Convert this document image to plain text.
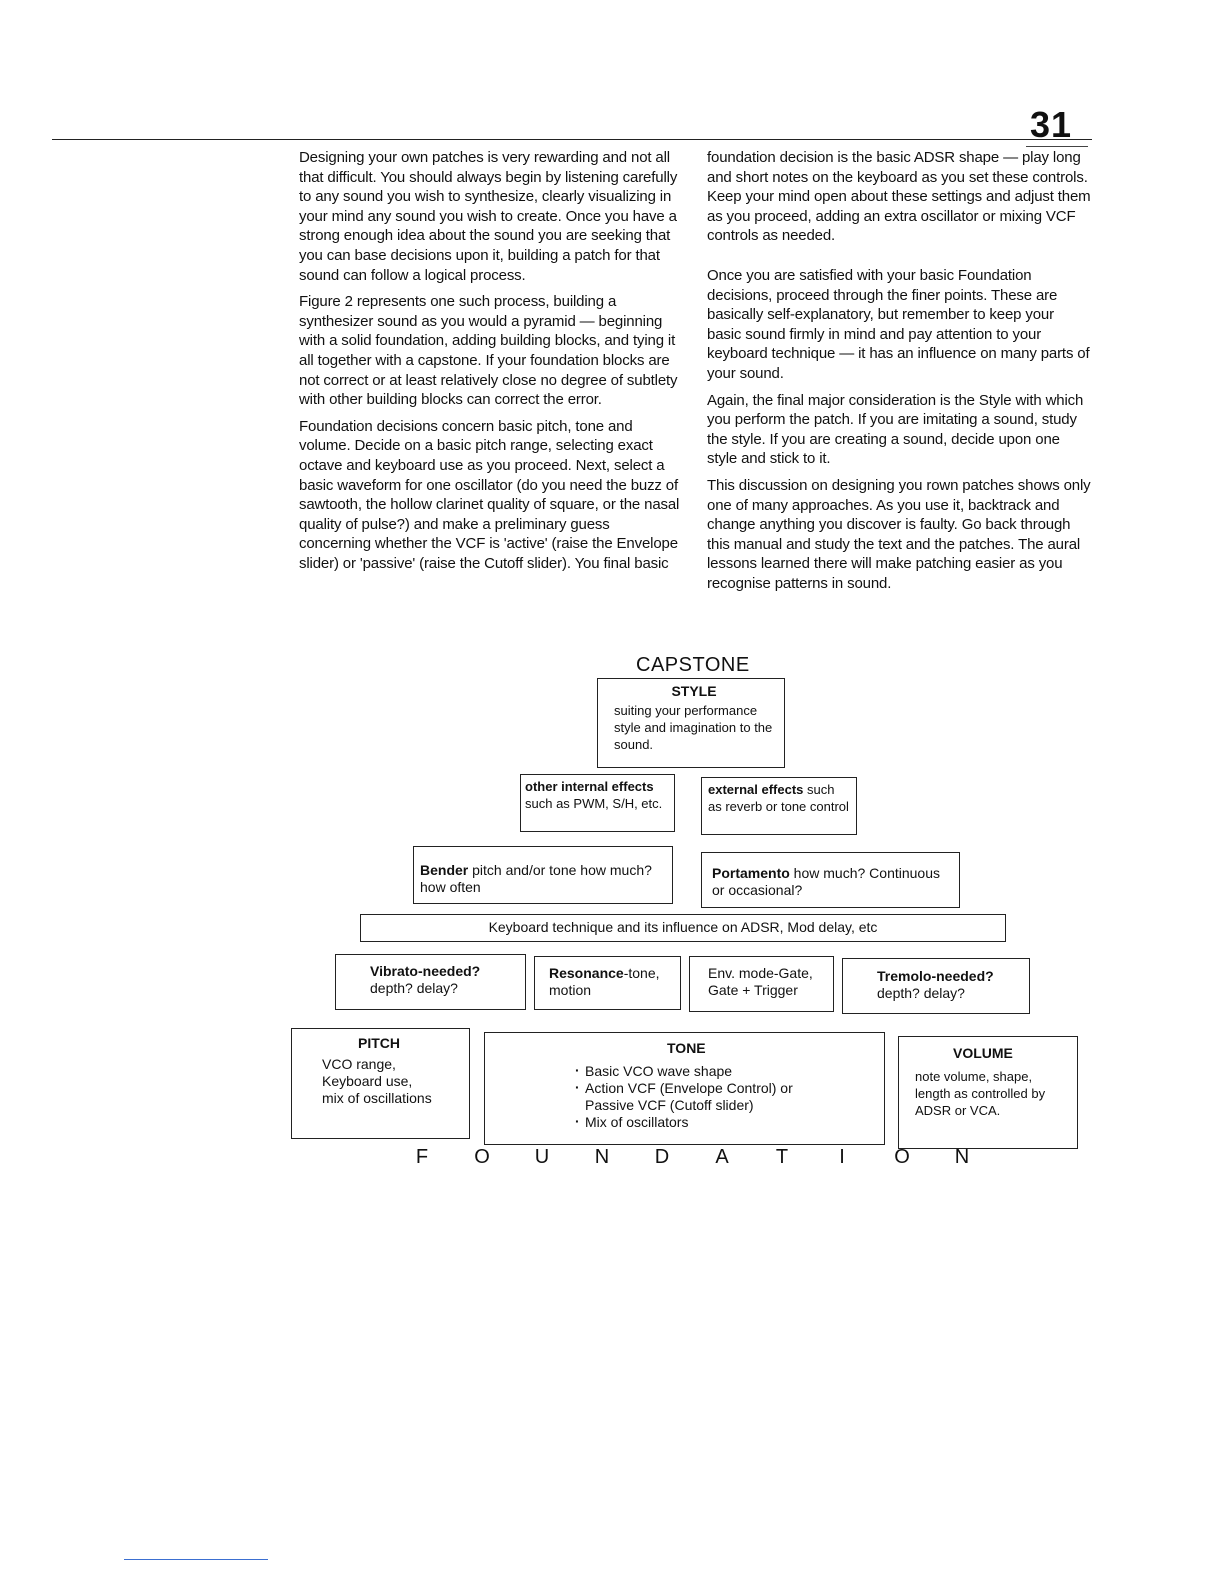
31

Designing your own patches is very rewarding and not all that difficult. You should always begin by listening carefully to any sound you wish to synthesize, clearly visualizing in your mind any sound you wish to create. Once you have a strong enough idea about the sound you are seeking that you can base decisions upon it, building a patch for that sound can follow a logical process.

Figure 2 represents one such process, building a synthesizer sound as you would a pyramid — beginning with a solid foundation, adding building blocks, and tying it all together with a capstone. If your foundation blocks are not correct or at least relatively close no degree of subtlety with other building blocks can correct the error.

Foundation decisions concern basic pitch, tone and volume. Decide on a basic pitch range, selecting exact octave and keyboard use as you proceed. Next, select a basic waveform for one oscillator (do you need the buzz of sawtooth, the hollow clarinet quality of square, or the nasal quality of pulse?) and make a preliminary guess concerning whether the VCF is 'active' (raise the Envelope slider) or 'passive' (raise the Cutoff slider). You final basic

foundation decision is the basic ADSR shape — play long and short notes on the keyboard as you set these controls. Keep your mind open about these settings and adjust them as you proceed, adding an extra oscillator or mixing VCF controls as needed.

Once you are satisfied with your basic Foundation decisions, proceed through the finer points. These are basically self-explanatory, but remember to keep your basic sound firmly in mind and pay attention to your keyboard technique — it has an influence on many parts of your sound.

Again, the final major consideration is the Style with which you perform the patch. If you are imitating a sound, study the style. If you are creating a sound, decide upon one style and stick to it.

This discussion on designing you rown patches shows only one of many approaches. As you use it, backtrack and change anything you discover is faulty. Go back through this manual and study the text and the patches. The aural lessons learned there will make patching easier as you recognise patterns in sound.

CAPSTONE
STYLE
suiting your performance style and imagination to the sound.
other internal effects
such as PWM, S/H, etc.
external effects such as reverb or tone control
Bender pitch and/or tone how much? how often
Portamento how much? Continuous or occasional?
Keyboard technique and its influence on ADSR, Mod delay, etc
Vibrato-needed?
depth? delay?
Resonance-tone, motion
Env. mode-Gate,
Gate + Trigger
Tremolo-needed?
depth? delay?
PITCH
VCO range,
Keyboard use,
mix of oscillations
TONE
· Basic VCO wave shape
· Action VCF (Envelope Control) or Passive VCF (Cutoff slider)
· Mix of oscillators
VOLUME
note volume, shape, length as controlled by ADSR or VCA.
F O U N D A T	I	O N
